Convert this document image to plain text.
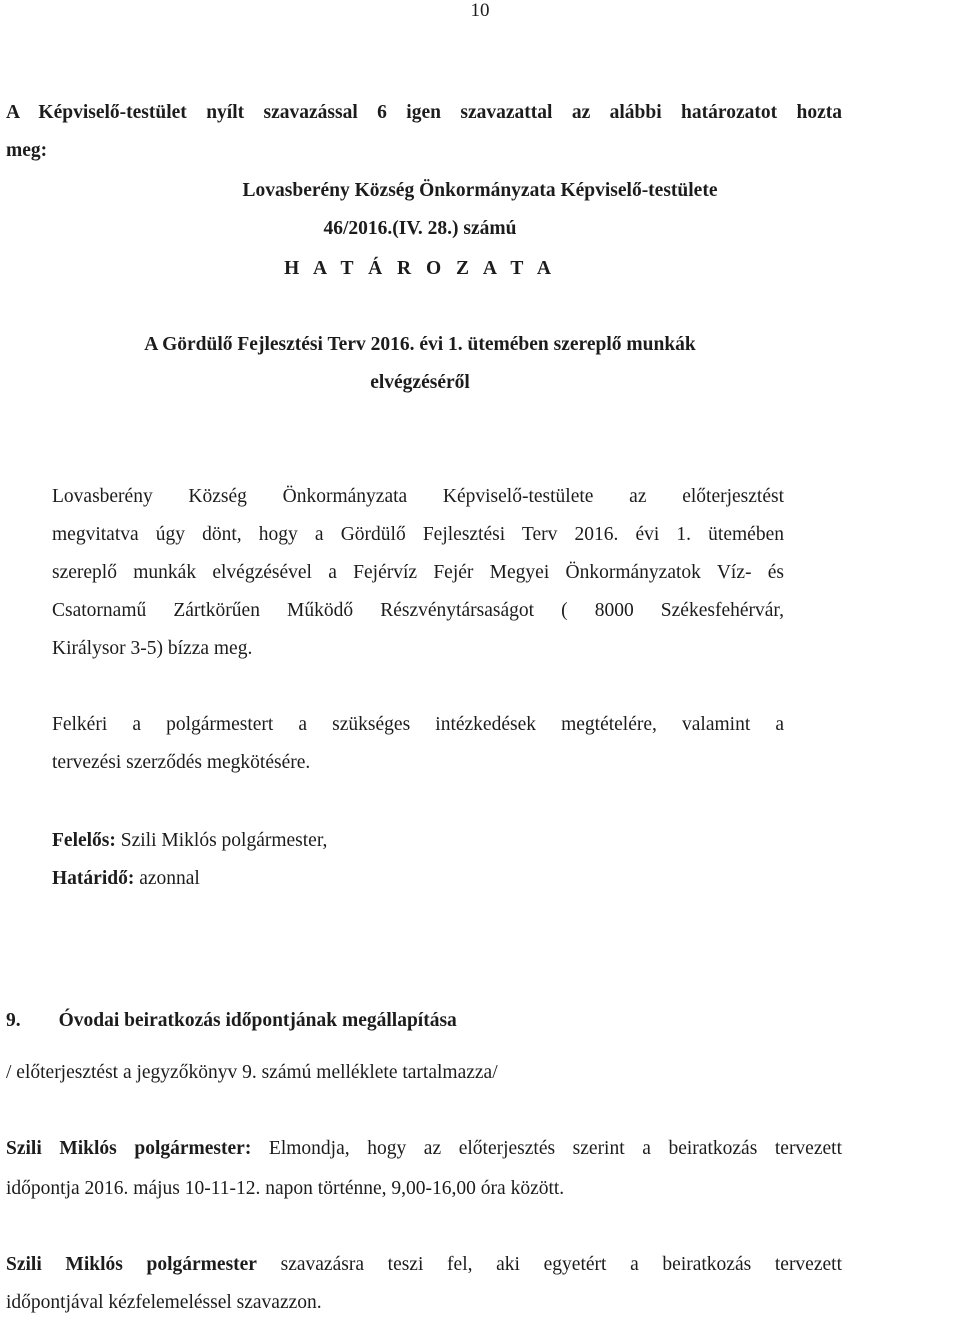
10
A Képviselő-testület nyílt szavazással 6 igen szavazattal az alábbi határozatot hozta
meg:
Lovasberény Község Önkormányzata Képviselő-testülete
46/2016.(IV. 28.) számú
H A T Á R O Z A T A
A Gördülő Fejlesztési Terv 2016. évi 1. ütemében szereplő munkák
elvégzéséről
Lovasberény Község Önkormányzata Képviselő-testülete az előterjesztést
megvitatva úgy dönt, hogy a Gördülő Fejlesztési Terv 2016. évi 1. ütemében
szereplő munkák elvégzésével a Fejérvíz Fejér Megyei Önkormányzatok Víz- és
Csatornamű Zártkörűen Működő Részvénytársaságot ( 8000 Székesfehérvár,
Királysor 3-5) bízza meg.
Felkéri a polgármestert a szükséges intézkedések megtételére, valamint a
tervezési szerződés megkötésére.
Felelős: Szili Miklós polgármester,
Határidő: azonnal
9. Óvodai beiratkozás időpontjának megállapítása
/ előterjesztést a jegyzőkönyv 9. számú melléklete tartalmazza/
Szili Miklós polgármester: Elmondja, hogy az előterjesztés szerint a beiratkozás tervezett
időpontja 2016. május 10-11-12. napon történne, 9,00-16,00 óra között.
Szili Miklós polgármester szavazásra teszi fel, aki egyetért a beiratkozás tervezett
időpontjával kézfelemeléssel szavazzon.
